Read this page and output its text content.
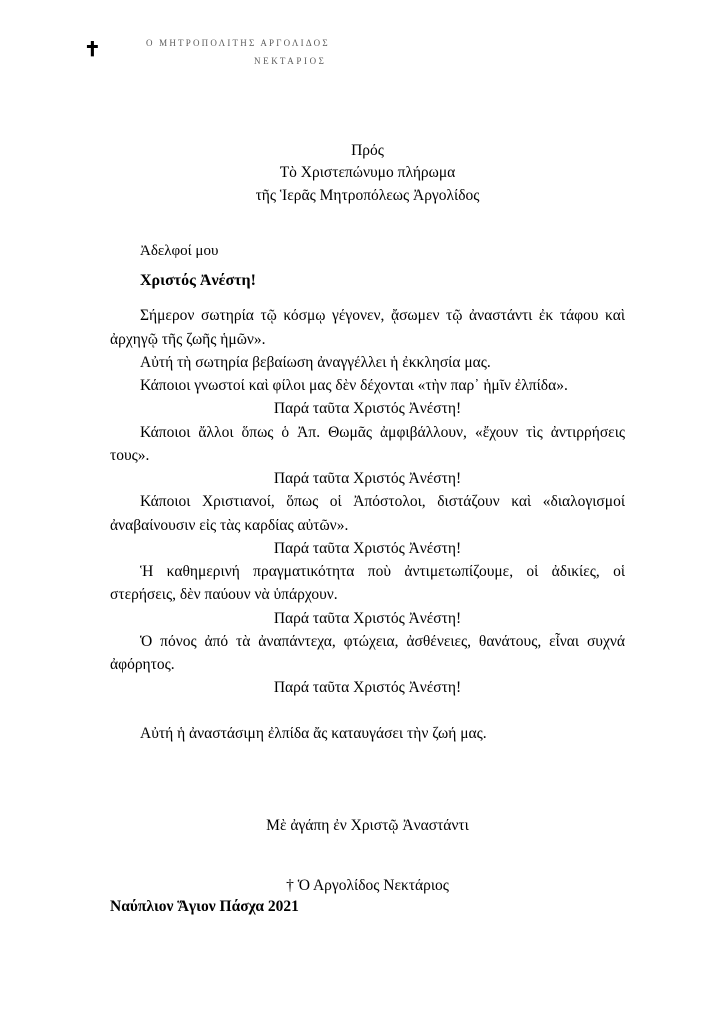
✝	Ο ΜΗΤΡΟΠΟΛΙΤΗΣ ΑΡΓΟΛΙΔΟΣ
ΝΕΚΤΑΡΙΟΣ
Πρός
Τὸ Χριστεπώνυμο πλήρωμα
τῆς Ἱερᾶς Μητροπόλεως Ἀργολίδος
Ἀδελφοί μου
Χριστός Ἀνέστη!

Σήμερον σωτηρία τῷ κόσμῳ γέγονεν, ᾄσωμεν τῷ ἀναστάντι ἐκ τάφου καὶ ἀρχηγῷ τῆς ζωῆς ἡμῶν».

Αὐτή τὴ σωτηρία βεβαίωση ἀναγγέλλει ἡ ἐκκλησία μας.

Κάποιοι γνωστοί καὶ φίλοι μας δὲν δέχονται «τὴν παρ᾿ ἡμῖν ἐλπίδα».

Παρά ταῦτα Χριστός Ἀνέστη!

Κάποιοι ἄλλοι ὅπως ὁ Ἀπ. Θωμᾶς ἀμφιβάλλουν, «ἔχουν τὶς ἀντιρρήσεις τους».

Παρά ταῦτα Χριστός Ἀνέστη!

Κάποιοι Χριστιανοί, ὅπως οἱ Ἀπόστολοι, διστάζουν καὶ «διαλογισμοί ἀναβαίνουσιν εἰς τὰς καρδίας αὐτῶν».

Παρά ταῦτα Χριστός Ἀνέστη!

Ἡ καθημερινή πραγματικότητα ποὺ ἀντιμετωπίζουμε, οἱ ἀδικίες, οἱ στερήσεις, δὲν παύουν νὰ ὑπάρχουν.

Παρά ταῦτα Χριστός Ἀνέστη!

Ὁ πόνος ἀπό τὰ ἀναπάντεχα, φτώχεια, ἀσθένειες, θανάτους, εἶναι συχνά ἀφόρητος.

Παρά ταῦτα Χριστός Ἀνέστη!

Αὐτή ἡ ἀναστάσιμη ἐλπίδα ἄς καταυγάσει τὴν ζωή μας.

Μὲ ἀγάπη ἐν Χριστῷ Ἀναστάντι
† Ὁ Αργολίδος Νεκτάριος
Ναύπλιον Ἅγιον Πάσχα 2021
